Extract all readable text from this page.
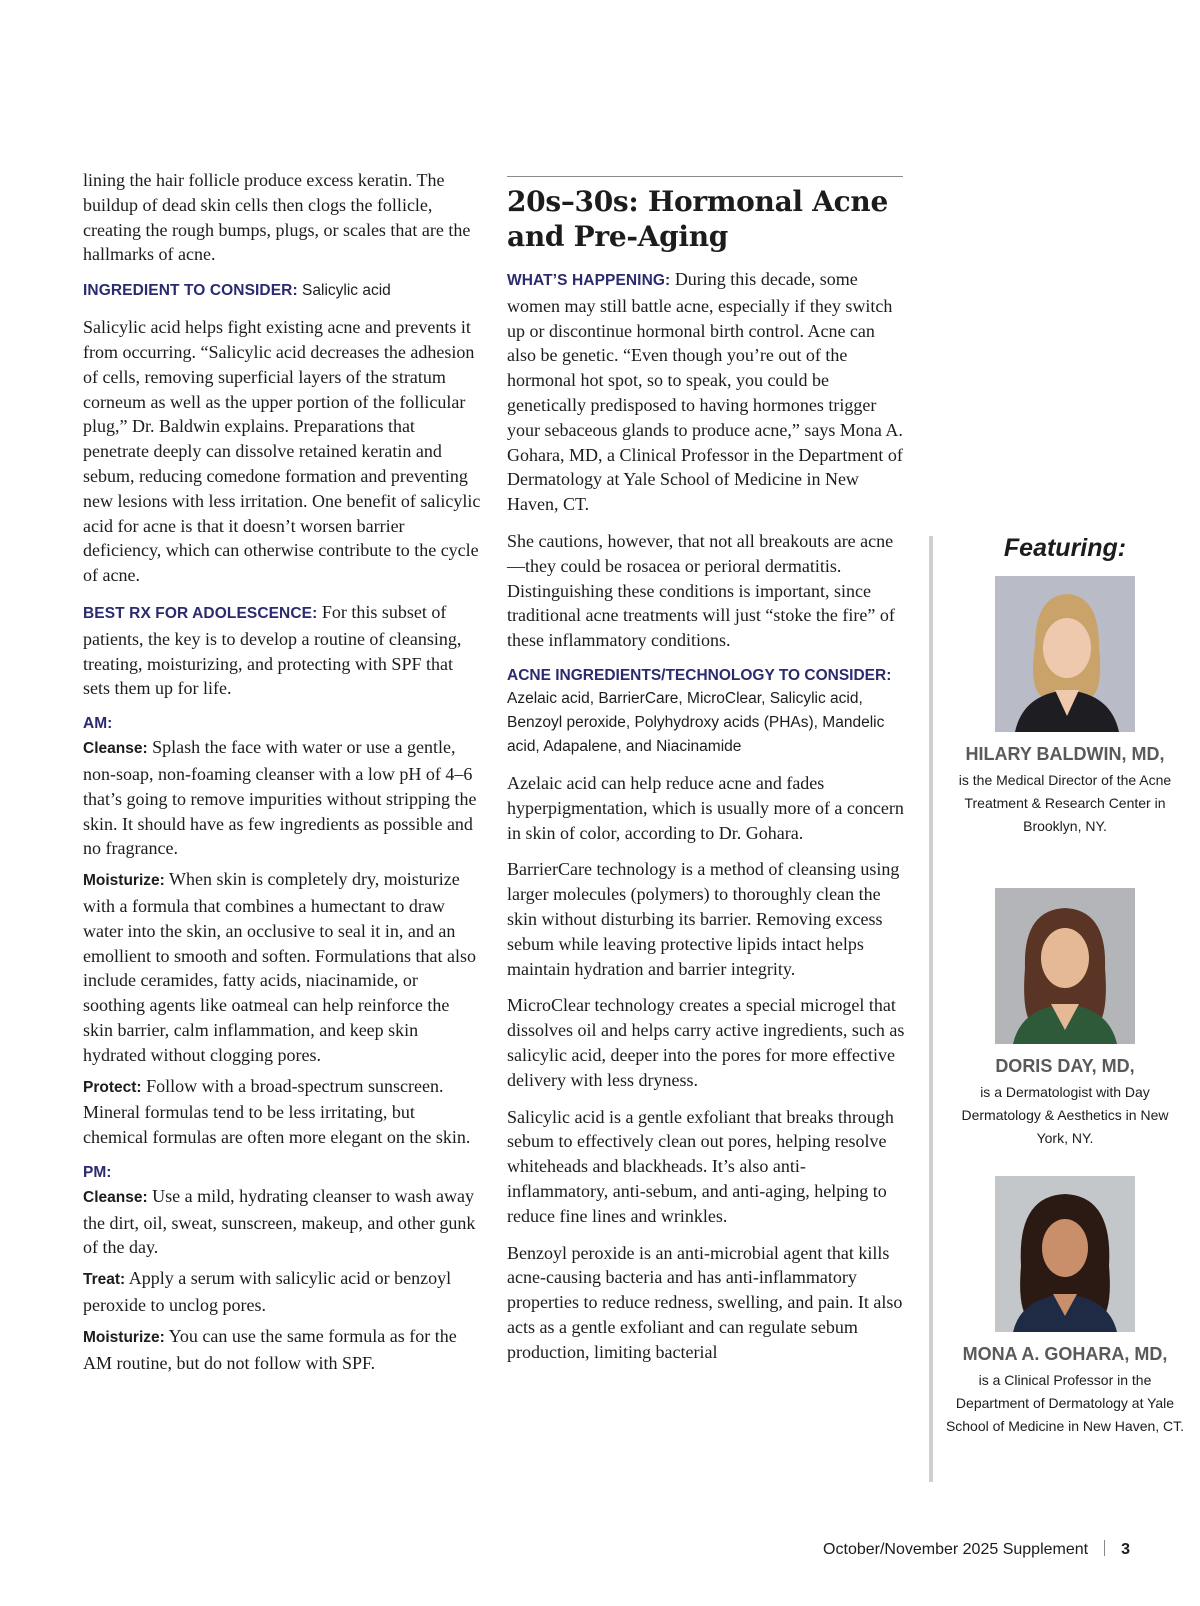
lining the hair follicle produce excess keratin. The buildup of dead skin cells then clogs the follicle, creating the rough bumps, plugs, or scales that are the hallmarks of acne.

INGREDIENT TO CONSIDER: Salicylic acid

Salicylic acid helps fight existing acne and prevents it from occurring. “Salicylic acid decreases the adhesion of cells, removing superficial layers of the stratum corneum as well as the upper portion of the follicular plug,” Dr. Baldwin explains. Preparations that penetrate deeply can dissolve retained keratin and sebum, reducing comedone formation and preventing new lesions with less irritation. One benefit of salicylic acid for acne is that it doesn’t worsen barrier deficiency, which can otherwise contribute to the cycle of acne.

BEST RX FOR ADOLESCENCE: For this subset of patients, the key is to develop a routine of cleansing, treating, moisturizing, and protecting with SPF that sets them up for life.

AM:

Cleanse: Splash the face with water or use a gentle, non-soap, non-foaming cleanser with a low pH of 4–6 that’s going to remove impurities without stripping the skin. It should have as few ingredients as possible and no fragrance.

Moisturize: When skin is completely dry, moisturize with a formula that combines a humectant to draw water into the skin, an occlusive to seal it in, and an emollient to smooth and soften. Formulations that also include ceramides, fatty acids, niacinamide, or soothing agents like oatmeal can help reinforce the skin barrier, calm inflammation, and keep skin hydrated without clogging pores.

Protect: Follow with a broad-spectrum sunscreen. Mineral formulas tend to be less irritating, but chemical formulas are often more elegant on the skin.

PM:

Cleanse: Use a mild, hydrating cleanser to wash away the dirt, oil, sweat, sunscreen, makeup, and other gunk of the day.

Treat: Apply a serum with salicylic acid or benzoyl peroxide to unclog pores.

Moisturize: You can use the same formula as for the AM routine, but do not follow with SPF.

20s–30s: Hormonal Acne and Pre-Aging

WHAT’S HAPPENING: During this decade, some women may still battle acne, especially if they switch up or discontinue hormonal birth control. Acne can also be genetic. “Even though you’re out of the hormonal hot spot, so to speak, you could be genetically predisposed to having hormones trigger your sebaceous glands to produce acne,” says Mona A. Gohara, MD, a Clinical Professor in the Department of Dermatology at Yale School of Medicine in New Haven, CT.

She cautions, however, that not all breakouts are acne—they could be rosacea or perioral dermatitis. Distinguishing these conditions is important, since traditional acne treatments will just “stoke the fire” of these inflammatory conditions.

ACNE INGREDIENTS/TECHNOLOGY TO CONSIDER:

Azelaic acid, BarrierCare, MicroClear, Salicylic acid, Benzoyl peroxide, Polyhydroxy acids (PHAs), Mandelic acid, Adapalene, and Niacinamide

Azelaic acid can help reduce acne and fades hyperpigmentation, which is usually more of a concern in skin of color, according to Dr. Gohara.

BarrierCare technology is a method of cleansing using larger molecules (polymers) to thoroughly clean the skin without disturbing its barrier. Removing excess sebum while leaving protective lipids intact helps maintain hydration and barrier integrity.

MicroClear technology creates a special microgel that dissolves oil and helps carry active ingredients, such as salicylic acid, deeper into the pores for more effective delivery with less dryness.

Salicylic acid is a gentle exfoliant that breaks through sebum to effectively clean out pores, helping resolve whiteheads and blackheads. It’s also anti-inflammatory, anti-sebum, and anti-aging, helping to reduce fine lines and wrinkles.

Benzoyl peroxide is an anti-microbial agent that kills acne-causing bacteria and has anti-inflammatory properties to reduce redness, swelling, and pain. It also acts as a gentle exfoliant and can regulate sebum production, limiting bacterial

Featuring:

HILARY BALDWIN, MD,

is the Medical Director of the Acne Treatment & Research Center in Brooklyn, NY.

DORIS DAY, MD,

is a Dermatologist with Day Dermatology & Aesthetics in New York, NY.

MONA A. GOHARA, MD,

is a Clinical Professor in the Department of Dermatology at Yale School of Medicine in New Haven, CT.

October/November 2025 Supplement 3
